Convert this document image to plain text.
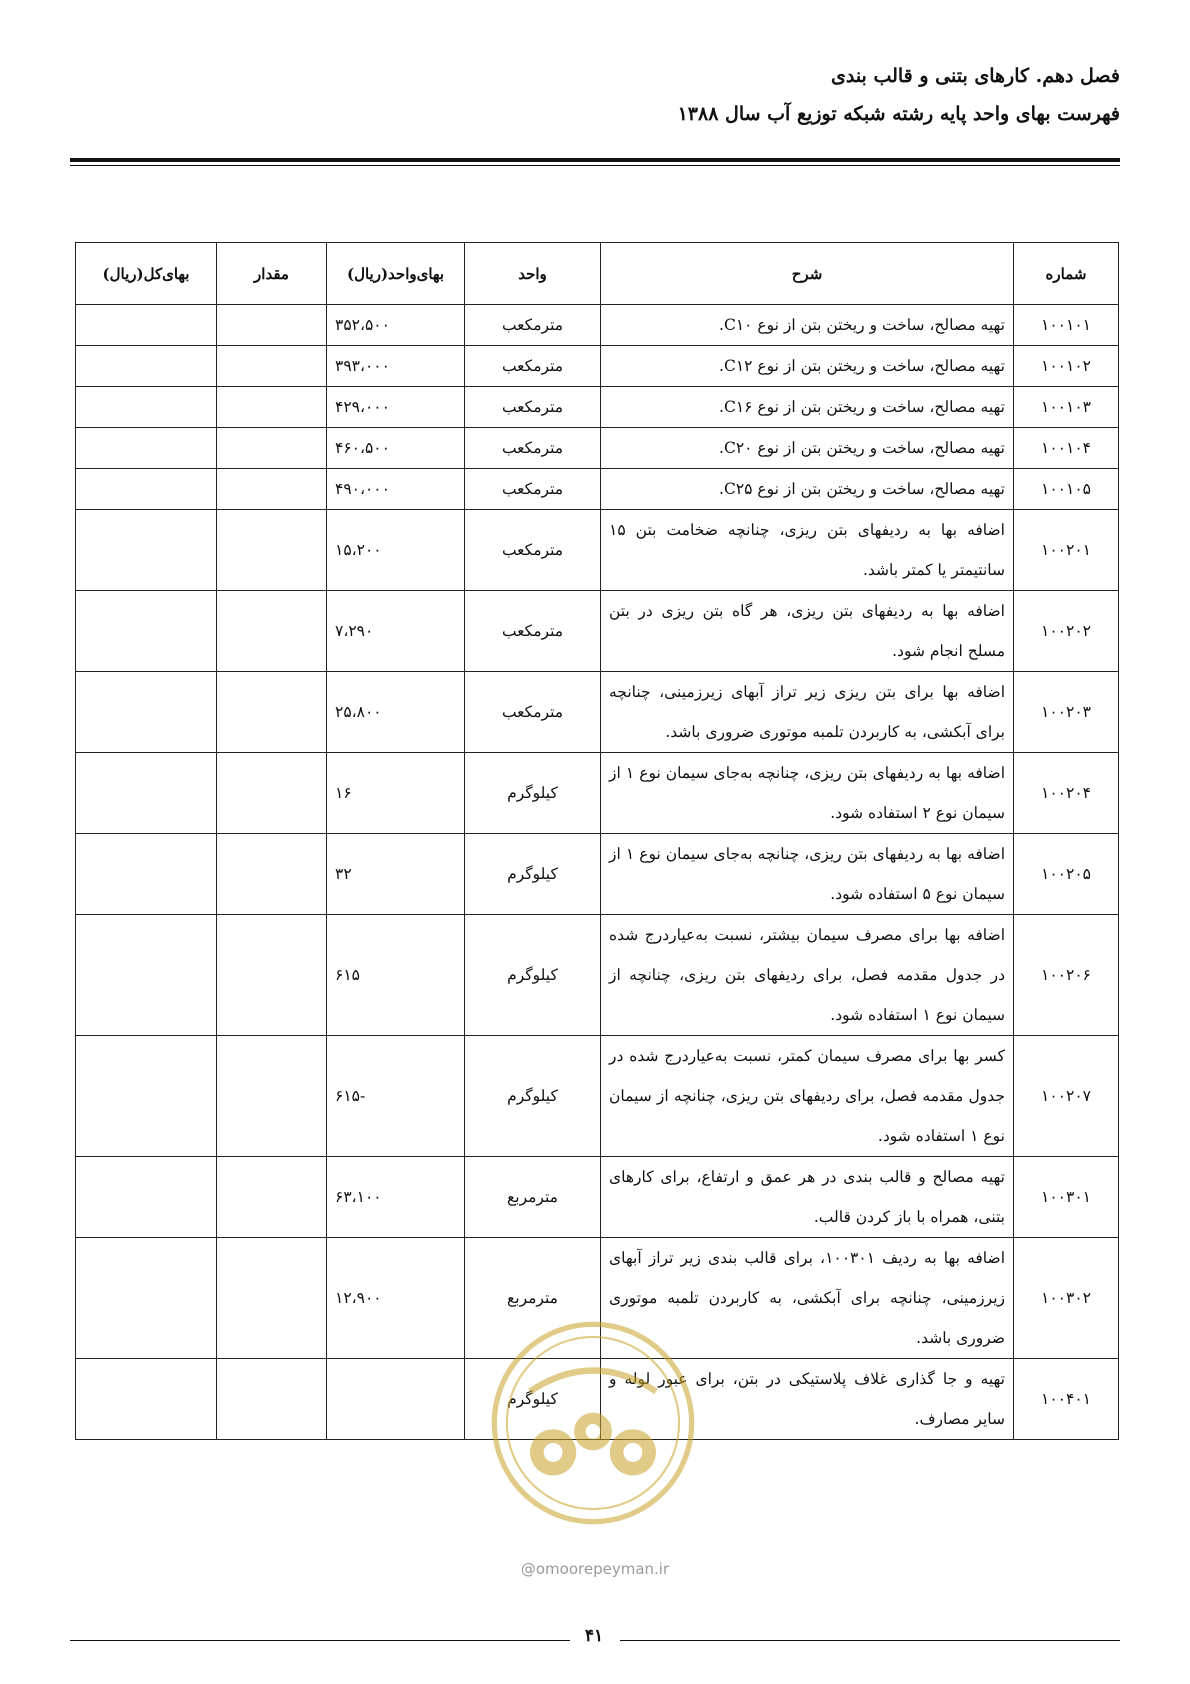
فصل دهم. کارهای بتنی و قالب بندی
فهرست بهای واحد پایه رشته شبکه توزیع آب سال ۱۳۸۸
شماره	شرح	واحد	بهای‌واحد(ریال)	مقدار	بهای‌کل(ریال)
۱۰۰۱۰۱	تهیه مصالح، ساخت و ریختن بتن از نوع C۱۰.	مترمکعب	۳۵۲،۵۰۰		
۱۰۰۱۰۲	تهیه مصالح، ساخت و ریختن بتن از نوع C۱۲.	مترمکعب	۳۹۳،۰۰۰		
۱۰۰۱۰۳	تهیه مصالح، ساخت و ریختن بتن از نوع C۱۶.	مترمکعب	۴۲۹،۰۰۰		
۱۰۰۱۰۴	تهیه مصالح، ساخت و ریختن بتن از نوع C۲۰.	مترمکعب	۴۶۰،۵۰۰		
۱۰۰۱۰۵	تهیه مصالح، ساخت و ریختن بتن از نوع C۲۵.	مترمکعب	۴۹۰،۰۰۰		
۱۰۰۲۰۱	اضافه بها به ردیفهای بتن ریزی، چنانچه ضخامت بتن ۱۵ سانتیمتر یا کمتر باشد.	مترمکعب	۱۵،۲۰۰		
۱۰۰۲۰۲	اضافه بها به ردیفهای بتن ریزی، هر گاه بتن ریزی در بتن مسلح انجام شود.	مترمکعب	۷،۲۹۰		
۱۰۰۲۰۳	اضافه بها برای بتن ریزی زیر تراز آبهای زیرزمینی، چنانچه برای آبکشی، به کاربردن تلمبه موتوری ضروری باشد.	مترمکعب	۲۵،۸۰۰		
۱۰۰۲۰۴	اضافه بها به ردیفهای بتن ریزی، چنانچه به‌جای سیمان نوع ۱ از سیمان نوع ۲ استفاده شود.	کیلوگرم	۱۶		
۱۰۰۲۰۵	اضافه بها به ردیفهای بتن ریزی، چنانچه به‌جای سیمان نوع ۱ از سیمان نوع ۵ استفاده شود.	کیلوگرم	۳۲		
۱۰۰۲۰۶	اضافه بها برای مصرف سیمان بیشتر، نسبت به‌عیاردرج شده در جدول مقدمه فصل، برای ردیفهای بتن ریزی، چنانچه از سیمان نوع ۱ استفاده شود.	کیلوگرم	۶۱۵		
۱۰۰۲۰۷	کسر بها برای مصرف سیمان کمتر، نسبت به‌عیاردرج شده در جدول مقدمه فصل، برای ردیفهای بتن ریزی، چنانچه از سیمان نوع ۱ استفاده شود.	کیلوگرم	-۶۱۵		
۱۰۰۳۰۱	تهیه مصالح و قالب بندی در هر عمق و ارتفاع، برای کارهای بتنی، همراه با باز کردن قالب.	مترمربع	۶۳،۱۰۰		
۱۰۰۳۰۲	اضافه بها به ردیف ۱۰۰۳۰۱، برای قالب بندی زیر تراز آبهای زیرزمینی، چنانچه برای آبکشی، به کاربردن تلمبه موتوری ضروری باشد.	مترمربع	۱۲،۹۰۰		
۱۰۰۴۰۱	تهیه و جا گذاری غلاف پلاستیکی در بتن، برای عبور لوله و سایر مصارف.	کیلوگرم			
@omoorepeyman.ir
۴۱
